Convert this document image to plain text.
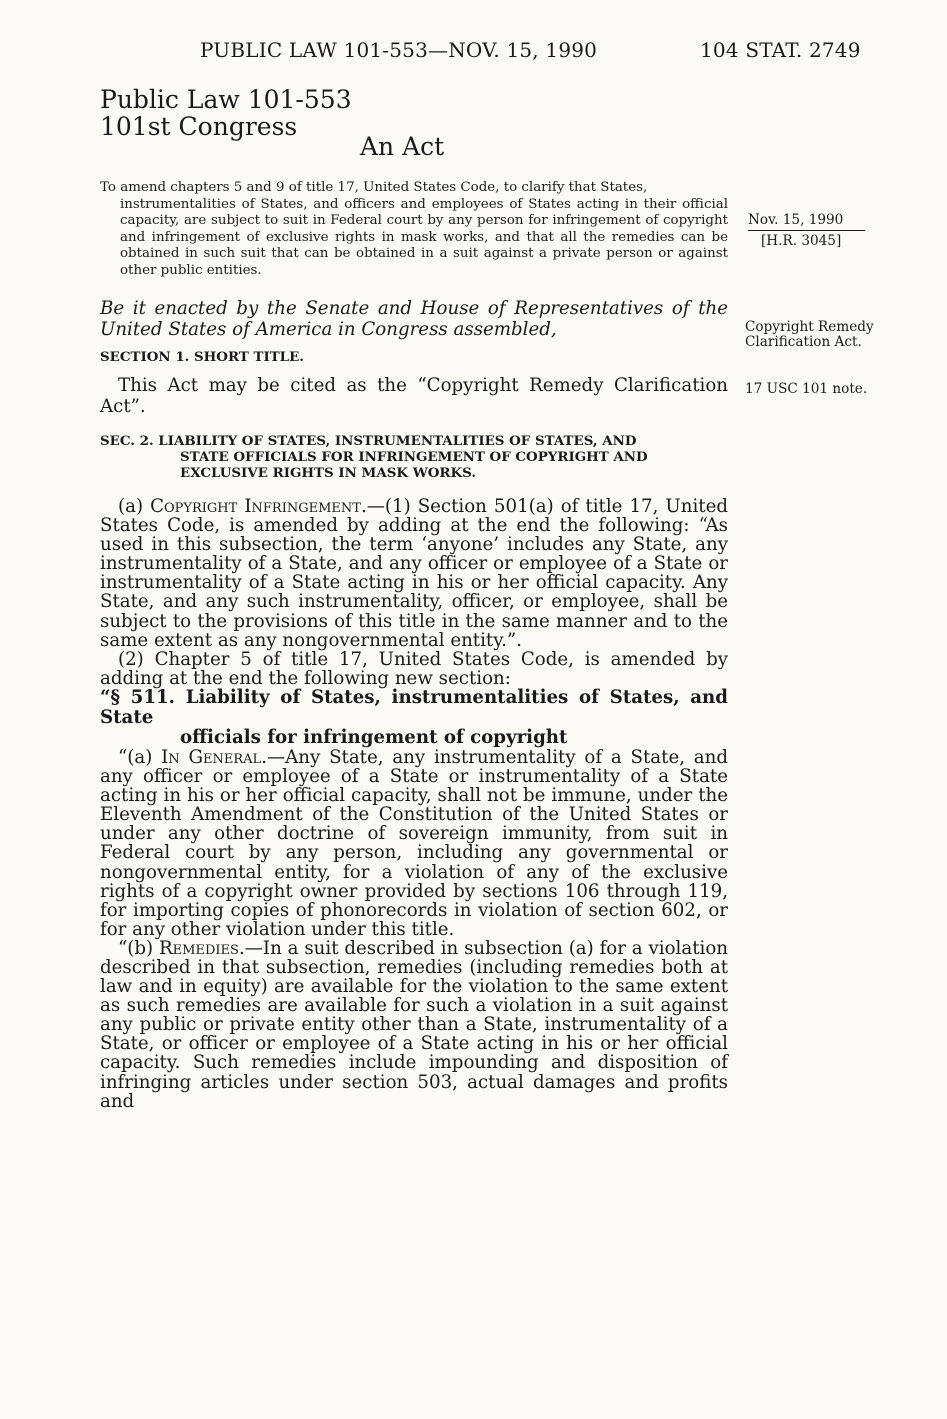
PUBLIC LAW 101-553—NOV. 15, 1990	104 STAT. 2749
Public Law 101-553
101st Congress
An Act
To amend chapters 5 and 9 of title 17, United States Code, to clarify that States,
instrumentalities of States, and officers and employees of States acting in their official capacity, are subject to suit in Federal court by any person for infringement of copyright and infringement of exclusive rights in mask works, and that all the remedies can be obtained in such suit that can be obtained in a suit against a private person or against other public entities.
Nov. 15, 1990
[H.R. 3045]
Be it enacted by the Senate and House of Representatives of the United States of America in Congress assembled,	Copyright Remedy Clarification Act.
17 USC 101 note.
SECTION 1. SHORT TITLE.
This Act may be cited as the “Copyright Remedy Clarification Act”.
SEC. 2. LIABILITY OF STATES, INSTRUMENTALITIES OF STATES, AND
STATE OFFICIALS FOR INFRINGEMENT OF COPYRIGHT AND EXCLUSIVE RIGHTS IN MASK WORKS.

(a) Copyright Infringement.—(1) Section 501(a) of title 17, United States Code, is amended by adding at the end the following: “As used in this subsection, the term ‘anyone’ includes any State, any instrumentality of a State, and any officer or employee of a State or instrumentality of a State acting in his or her official capacity. Any State, and any such instrumentality, officer, or employee, shall be subject to the provisions of this title in the same manner and to the same extent as any nongovernmental entity.”.

(2) Chapter 5 of title 17, United States Code, is amended by adding at the end the following new section:

“§ 511. Liability of States, instrumentalities of States, and State
officials for infringement of copyright

“(a) In General.—Any State, any instrumentality of a State, and any officer or employee of a State or instrumentality of a State acting in his or her official capacity, shall not be immune, under the Eleventh Amendment of the Constitution of the United States or under any other doctrine of sovereign immunity, from suit in Federal court by any person, including any governmental or nongovernmental entity, for a violation of any of the exclusive rights of a copyright owner provided by sections 106 through 119, for importing copies of phonorecords in violation of section 602, or for any other violation under this title.

“(b) Remedies.—In a suit described in subsection (a) for a violation described in that subsection, remedies (including remedies both at law and in equity) are available for the violation to the same extent as such remedies are available for such a violation in a suit against any public or private entity other than a State, instrumentality of a State, or officer or employee of a State acting in his or her official capacity. Such remedies include impounding and disposition of infringing articles under section 503, actual damages and profits and
